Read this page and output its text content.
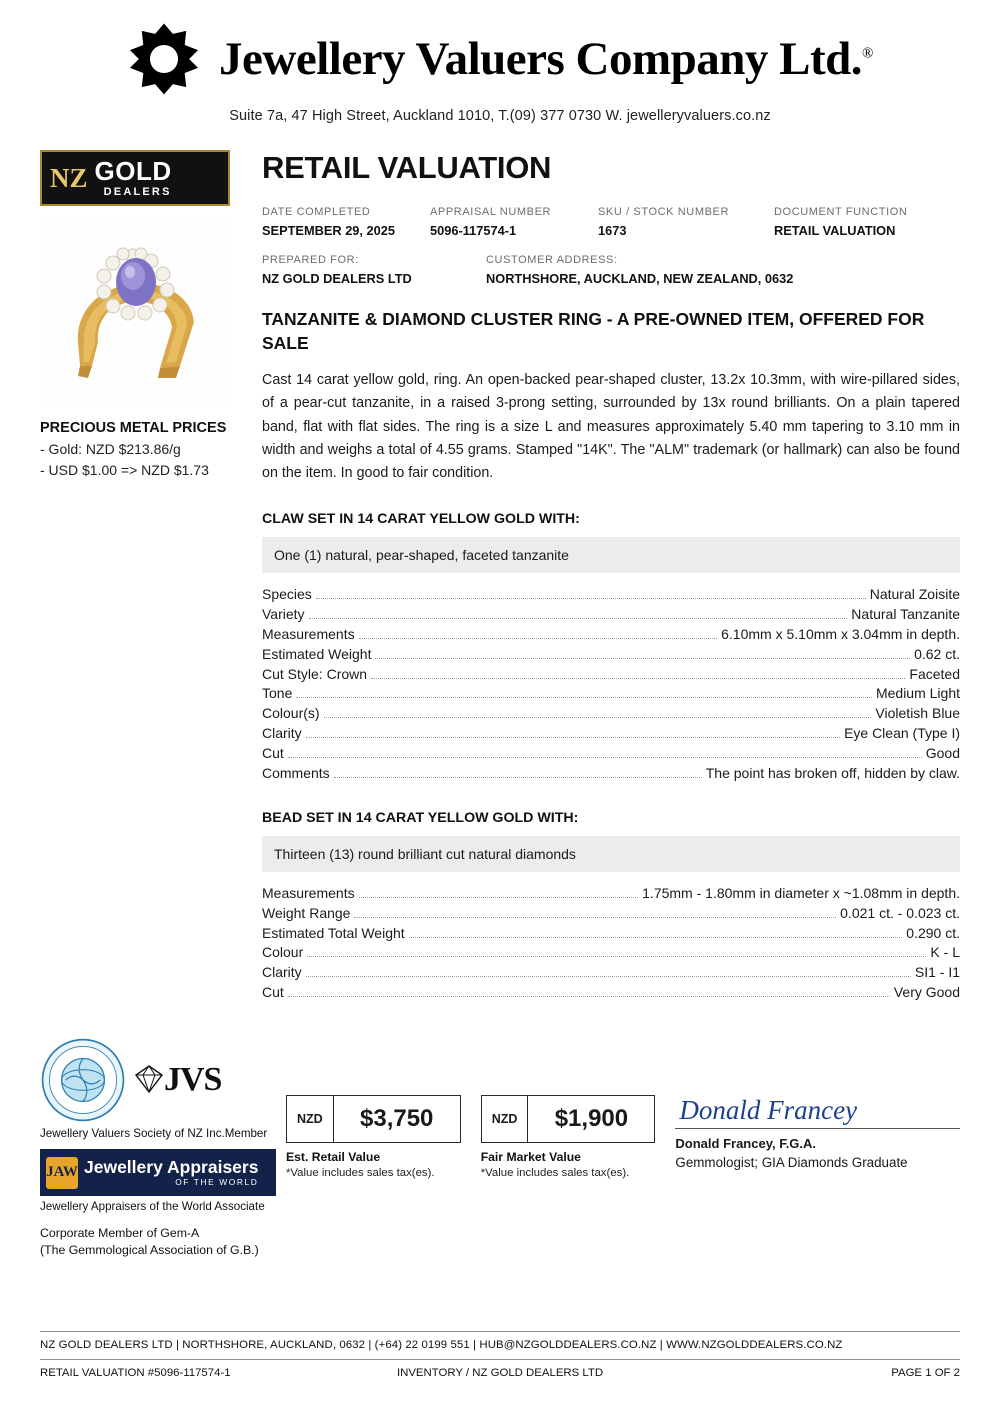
Jewellery Valuers Company Ltd.®
Suite 7a, 47 High Street, Auckland 1010, T.(09) 377 0730 W. jewelleryvaluers.co.nz
NZ GOLD
DEALERS
PRECIOUS METAL PRICES
- Gold: NZD $213.86/g
- USD $1.00 => NZD $1.73
RETAIL VALUATION
DATE COMPLETED
SEPTEMBER 29, 2025
APPRAISAL NUMBER
5096-117574-1
SKU / STOCK NUMBER
1673
DOCUMENT FUNCTION
RETAIL VALUATION
PREPARED FOR:
NZ GOLD DEALERS LTD
CUSTOMER ADDRESS:
NORTHSHORE, AUCKLAND, NEW ZEALAND, 0632
TANZANITE & DIAMOND CLUSTER RING - A PRE-OWNED ITEM, OFFERED FOR SALE
Cast 14 carat yellow gold, ring. An open-backed pear-shaped cluster, 13.2x 10.3mm, with wire-pillared sides, of a pear-cut tanzanite, in a raised 3-prong setting, surrounded by 13x round brilliants. On a plain tapered band, flat with flat sides. The ring is a size L and measures approximately 5.40 mm tapering to 3.10 mm in width and weighs a total of 4.55 grams. Stamped "14K". The "ALM" trademark (or hallmark) can also be found on the item. In good to fair condition.
CLAW SET IN 14 CARAT YELLOW GOLD WITH:
One (1) natural, pear-shaped, faceted tanzanite
Species	Natural Zoisite
Variety	Natural Tanzanite
Measurements	6.10mm x 5.10mm x 3.04mm in depth.
Estimated Weight	0.62 ct.
Cut Style: Crown	Faceted
Tone	Medium Light
Colour(s)	Violetish Blue
Clarity	Eye Clean (Type I)
Cut	Good
Comments	The point has broken off, hidden by claw.
BEAD SET IN 14 CARAT YELLOW GOLD WITH:
Thirteen (13) round brilliant cut natural diamonds
Measurements	1.75mm - 1.80mm in diameter x ~1.08mm in depth.
Weight Range	0.021 ct. - 0.023 ct.
Estimated Total Weight	0.290 ct.
Colour	K - L
Clarity	SI1 - I1
Cut	Very Good
JVS
Jewellery Valuers Society of NZ Inc.Member
JAW Jewellery Appraisers
OF THE WORLD
Jewellery Appraisers of the World Associate
Corporate Member of Gem-A
(The Gemmological Association of G.B.)
NZD	$3,750
Est. Retail Value
*Value includes sales tax(es).
NZD	$1,900
Fair Market Value
*Value includes sales tax(es).
Donald Francey
Donald Francey, F.G.A.
Gemmologist; GIA Diamonds Graduate
NZ GOLD DEALERS LTD | NORTHSHORE, AUCKLAND, 0632 | (+64) 22 0199 551 | HUB@NZGOLDDEALERS.CO.NZ | WWW.NZGOLDDEALERS.CO.NZ
RETAIL VALUATION #5096-117574-1	INVENTORY / NZ GOLD DEALERS LTD	PAGE 1 OF 2
